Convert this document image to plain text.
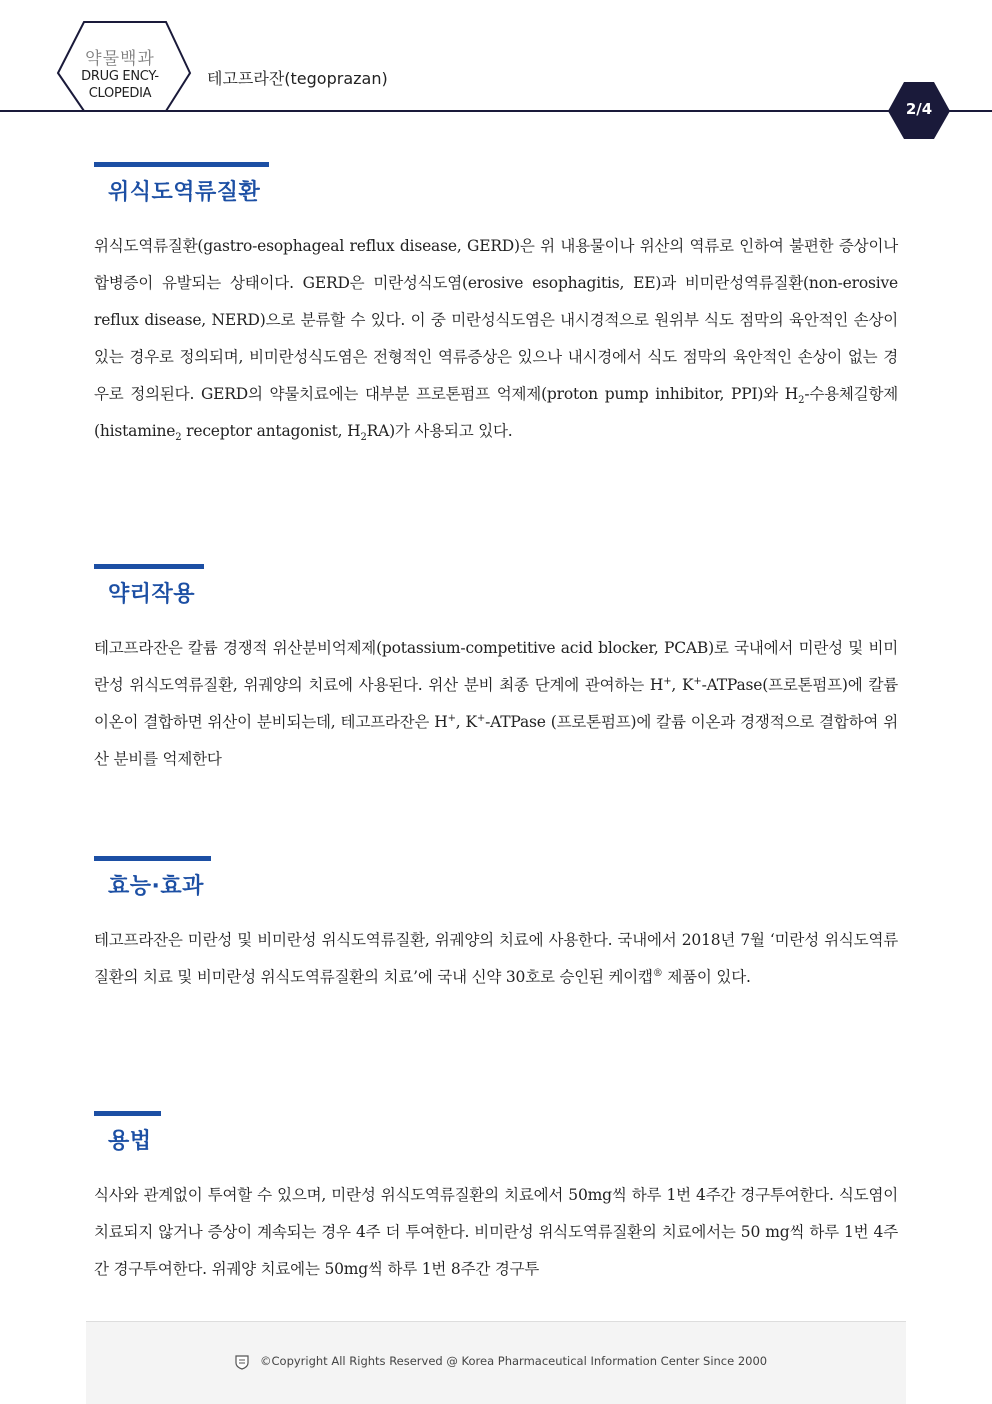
약물백과
DRUG ENCY-
CLOPEDIA
테고프라잔(tegoprazan)
2/4
위식도역류질환
위식도역류질환(gastro-esophageal reflux disease, GERD)은 위 내용물이나 위산의 역류로 인하여 불편한 증상이나 합병증이 유발되는 상태이다. GERD은 미란성식도염(erosive esophagitis, EE)과 비미란성역류질환(non-erosive reflux disease, NERD)으로 분류할 수 있다. 이 중 미란성식도염은 내시경적으로 원위부 식도 점막의 육안적인 손상이 있는 경우로 정의되며, 비미란성식도염은 전형적인 역류증상은 있으나 내시경에서 식도 점막의 육안적인 손상이 없는 경우로 정의된다. GERD의 약물치료에는 대부분 프로톤펌프 억제제(proton pump inhibitor, PPI)와 $H_2-$수용체길항제(histamine$_2$ receptor antagonist, $H_2RA$)가 사용되고 있다.
약리작용
테고프라잔은 칼륨 경쟁적 위산분비억제제(potassium-competitive acid blocker, PCAB)로 국내에서 미란성 및 비미란성 위식도역류질환, 위궤양의 치료에 사용된다. 위산 분비 최종 단계에 관여하는 H+, K+-ATPase(프로톤펌프)에 칼륨 이온이 결합하면 위산이 분비되는데, 테고프라잔은 H+, K+-ATPase (프로톤펌프)에 칼륨 이온과 경쟁적으로 결합하여 위산 분비를 억제한다
효능·효과
테고프라잔은 미란성 및 비미란성 위식도역류질환, 위궤양의 치료에 사용한다. 국내에서 2018년 7월 ‘미란성 위식도역류질환의 치료 및 비미란성 위식도역류질환의 치료’에 국내 신약 30호로 승인된 케이캡® 제품이 있다.
용법
식사와 관계없이 투여할 수 있으며, 미란성 위식도역류질환의 치료에서 50mg씩 하루 1번 4주간 경구투여한다. 식도염이 치료되지 않거나 증상이 계속되는 경우 4주 더 투여한다. 비미란성 위식도역류질환의 치료에서는 50 mg씩 하루 1번 4주간 경구투여한다. 위궤양 치료에는 50mg씩 하루 1번 8주간 경구투
©Copyright All Rights Reserved @ Korea Pharmaceutical Information Center Since 2000
